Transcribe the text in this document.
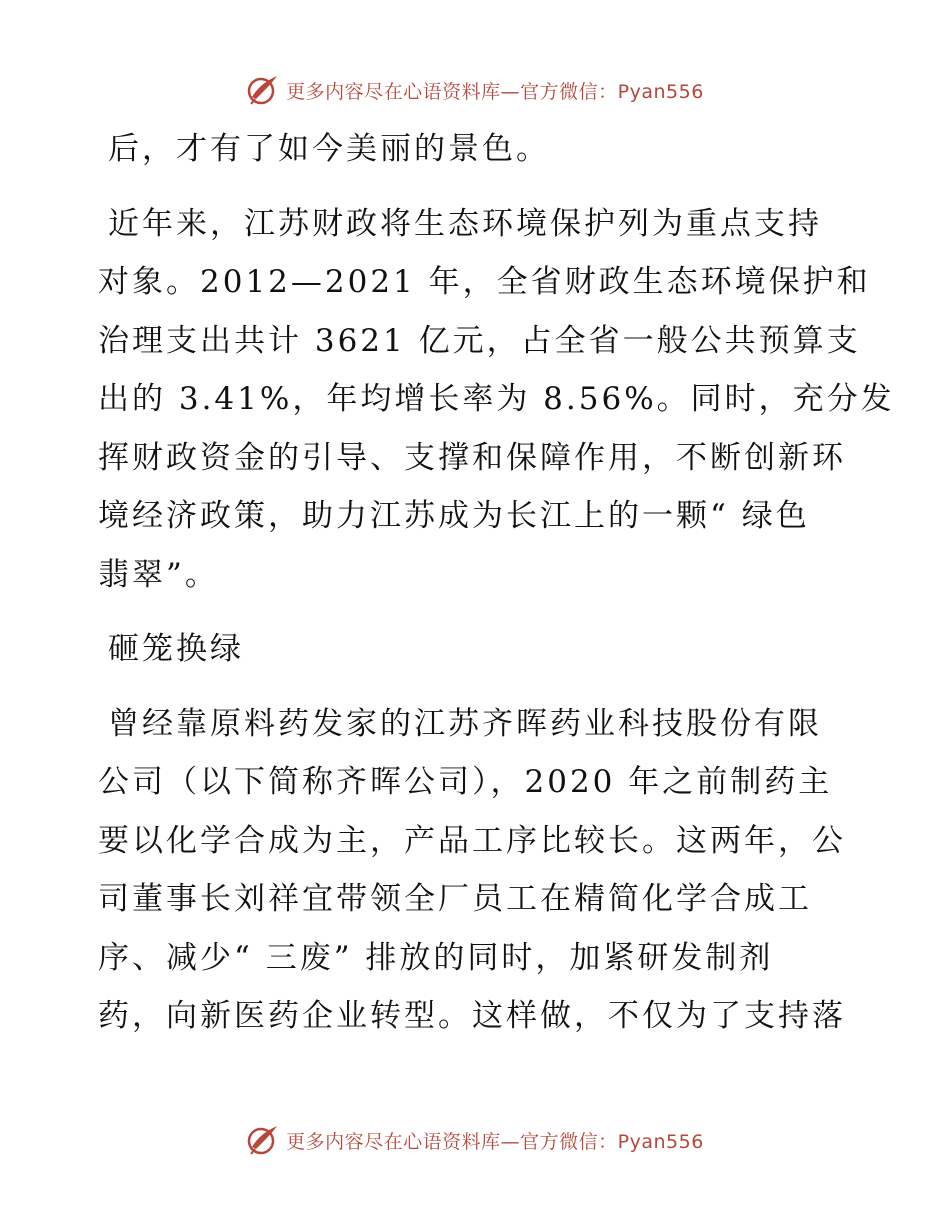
更多内容尽在心语资料库—官方微信：Pyan556

后，才有了如今美丽的景色。

近年来，江苏财政将生态环境保护列为重点支持
对象。2012—2021 年，全省财政生态环境保护和
治理支出共计 3621 亿元，占全省一般公共预算支
出的 3.41%，年均增长率为 8.56%。同时，充分发
挥财政资金的引导、支撑和保障作用，不断创新环
境经济政策，助力江苏成为长江上的一颗“ 绿色
翡翠”。

砸笼换绿

曾经靠原料药发家的江苏齐晖药业科技股份有限
公司（以下简称齐晖公司），2020 年之前制药主
要以化学合成为主，产品工序比较长。这两年，公
司董事长刘祥宜带领全厂员工在精简化学合成工
序、减少“ 三废” 排放的同时，加紧研发制剂
药，向新医药企业转型。这样做，不仅为了支持落

更多内容尽在心语资料库—官方微信：Pyan556
